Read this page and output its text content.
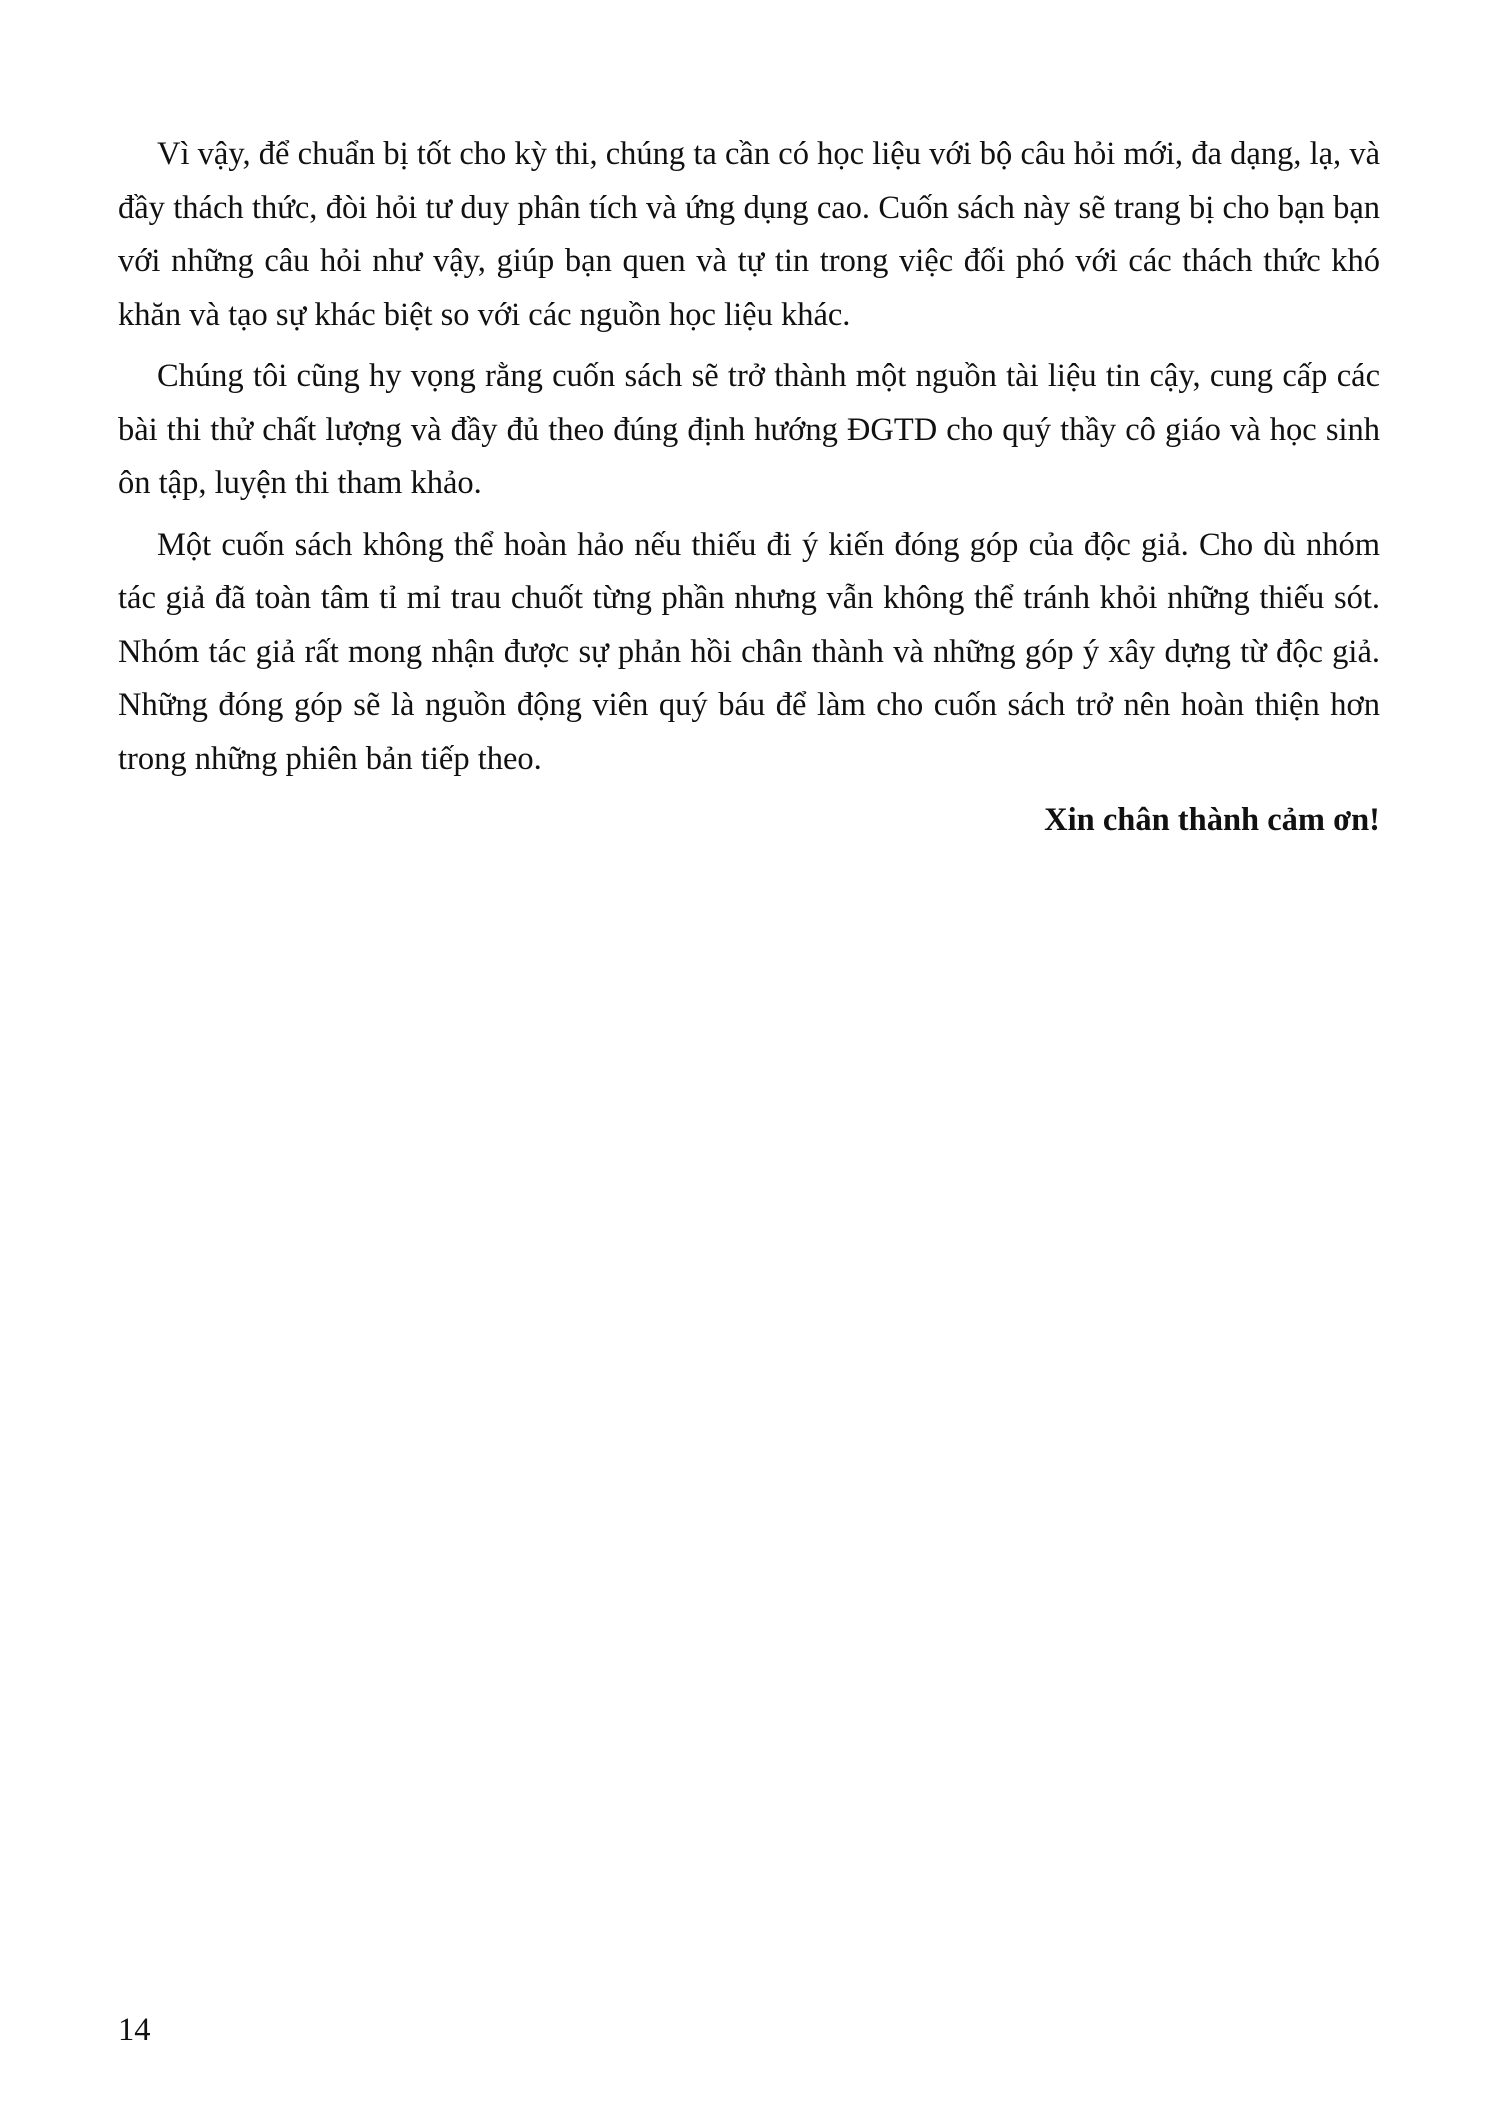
Vì vậy, để chuẩn bị tốt cho kỳ thi, chúng ta cần có học liệu với bộ câu hỏi mới, đa dạng, lạ, và đầy thách thức, đòi hỏi tư duy phân tích và ứng dụng cao. Cuốn sách này sẽ trang bị cho bạn bạn với những câu hỏi như vậy, giúp bạn quen và tự tin trong việc đối phó với các thách thức khó khăn và tạo sự khác biệt so với các nguồn học liệu khác.

Chúng tôi cũng hy vọng rằng cuốn sách sẽ trở thành một nguồn tài liệu tin cậy, cung cấp các bài thi thử chất lượng và đầy đủ theo đúng định hướng ĐGTD cho quý thầy cô giáo và học sinh ôn tập, luyện thi tham khảo.

Một cuốn sách không thể hoàn hảo nếu thiếu đi ý kiến đóng góp của độc giả. Cho dù nhóm tác giả đã toàn tâm tỉ mỉ trau chuốt từng phần nhưng vẫn không thể tránh khỏi những thiếu sót. Nhóm tác giả rất mong nhận được sự phản hồi chân thành và những góp ý xây dựng từ độc giả. Những đóng góp sẽ là nguồn động viên quý báu để làm cho cuốn sách trở nên hoàn thiện hơn trong những phiên bản tiếp theo.

Xin chân thành cảm ơn!

14
